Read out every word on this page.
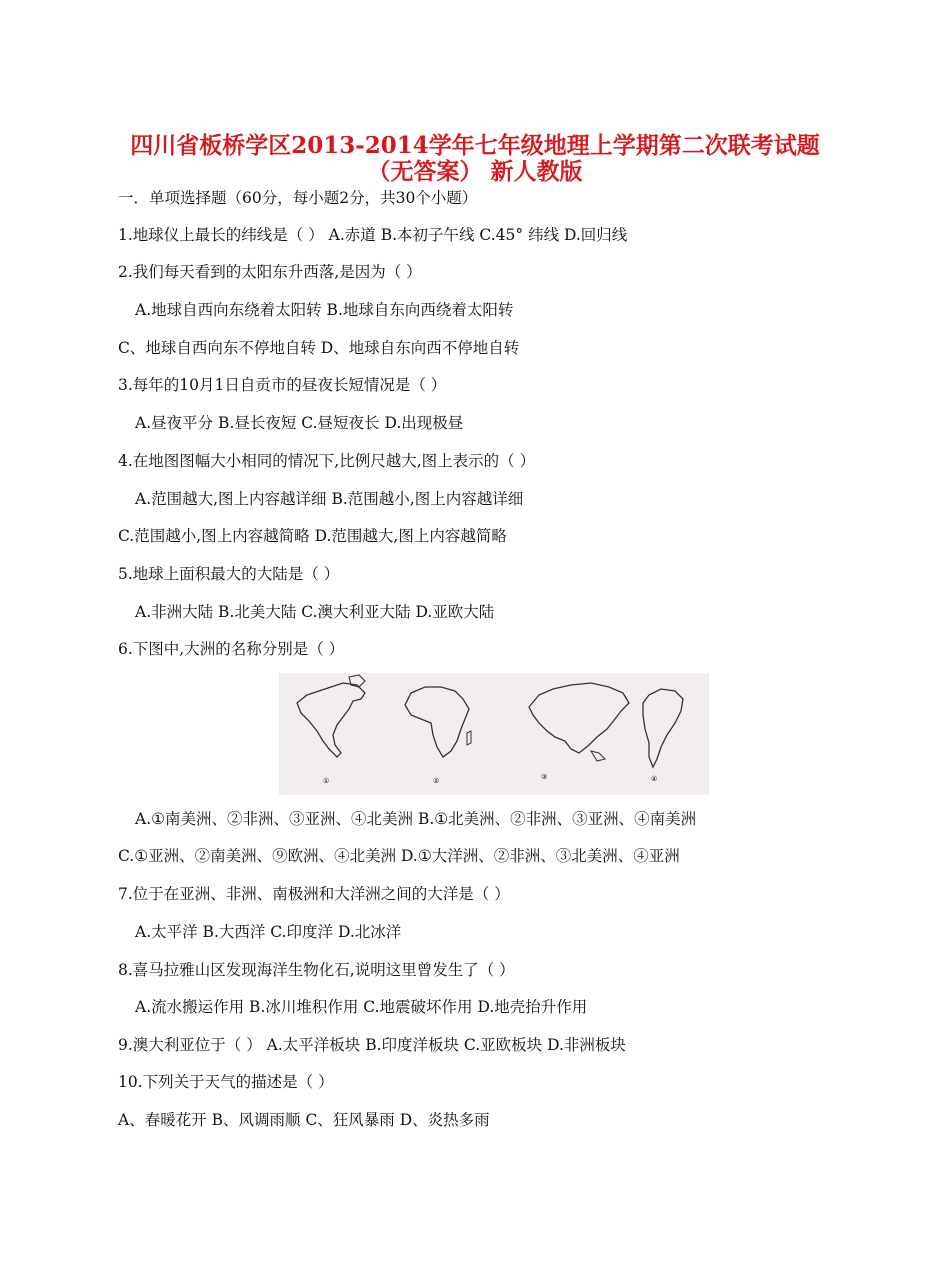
四川省板桥学区2013-2014学年七年级地理上学期第二次联考试题
（无答案） 新人教版
一．单项选择题（60分，每小题2分，共30个小题）
1.地球仪上最长的纬线是（ ） A.赤道 B.本初子午线 C.45° 纬线 D.回归线
2.我们每天看到的太阳东升西落,是因为（ ）
A.地球自西向东绕着太阳转 B.地球自东向西绕着太阳转
C、地球自西向东不停地自转 D、地球自东向西不停地自转
3.每年的10月1日自贡市的昼夜长短情况是（ ）
A.昼夜平分 B.昼长夜短 C.昼短夜长 D.出现极昼
4.在地图图幅大小相同的情况下,比例尺越大,图上表示的（ ）
A.范围越大,图上内容越详细 B.范围越小,图上内容越详细
C.范围越小,图上内容越简略 D.范围越大,图上内容越简略
5.地球上面积最大的大陆是（ ）
A.非洲大陆 B.北美大陆 C.澳大利亚大陆 D.亚欧大陆
6.下图中,大洲的名称分别是（ ）
①	②	③	④
A.①南美洲、②非洲、③亚洲、④北美洲 B.①北美洲、②非洲、③亚洲、④南美洲
C.①亚洲、②南美洲、⑨欧洲、④北美洲 D.①大洋洲、②非洲、③北美洲、④亚洲
7.位于在亚洲、非洲、南极洲和大洋洲之间的大洋是（ ）
A.太平洋 B.大西洋 C.印度洋 D.北冰洋
8.喜马拉雅山区发现海洋生物化石,说明这里曾发生了（ ）
A.流水搬运作用 B.冰川堆积作用 C.地震破坏作用 D.地壳抬升作用
9.澳大利亚位于（ ） A.太平洋板块 B.印度洋板块 C.亚欧板块 D.非洲板块
10.下列关于天气的描述是（ ）
A、春暖花开 B、风调雨顺 C、狂风暴雨 D、炎热多雨
